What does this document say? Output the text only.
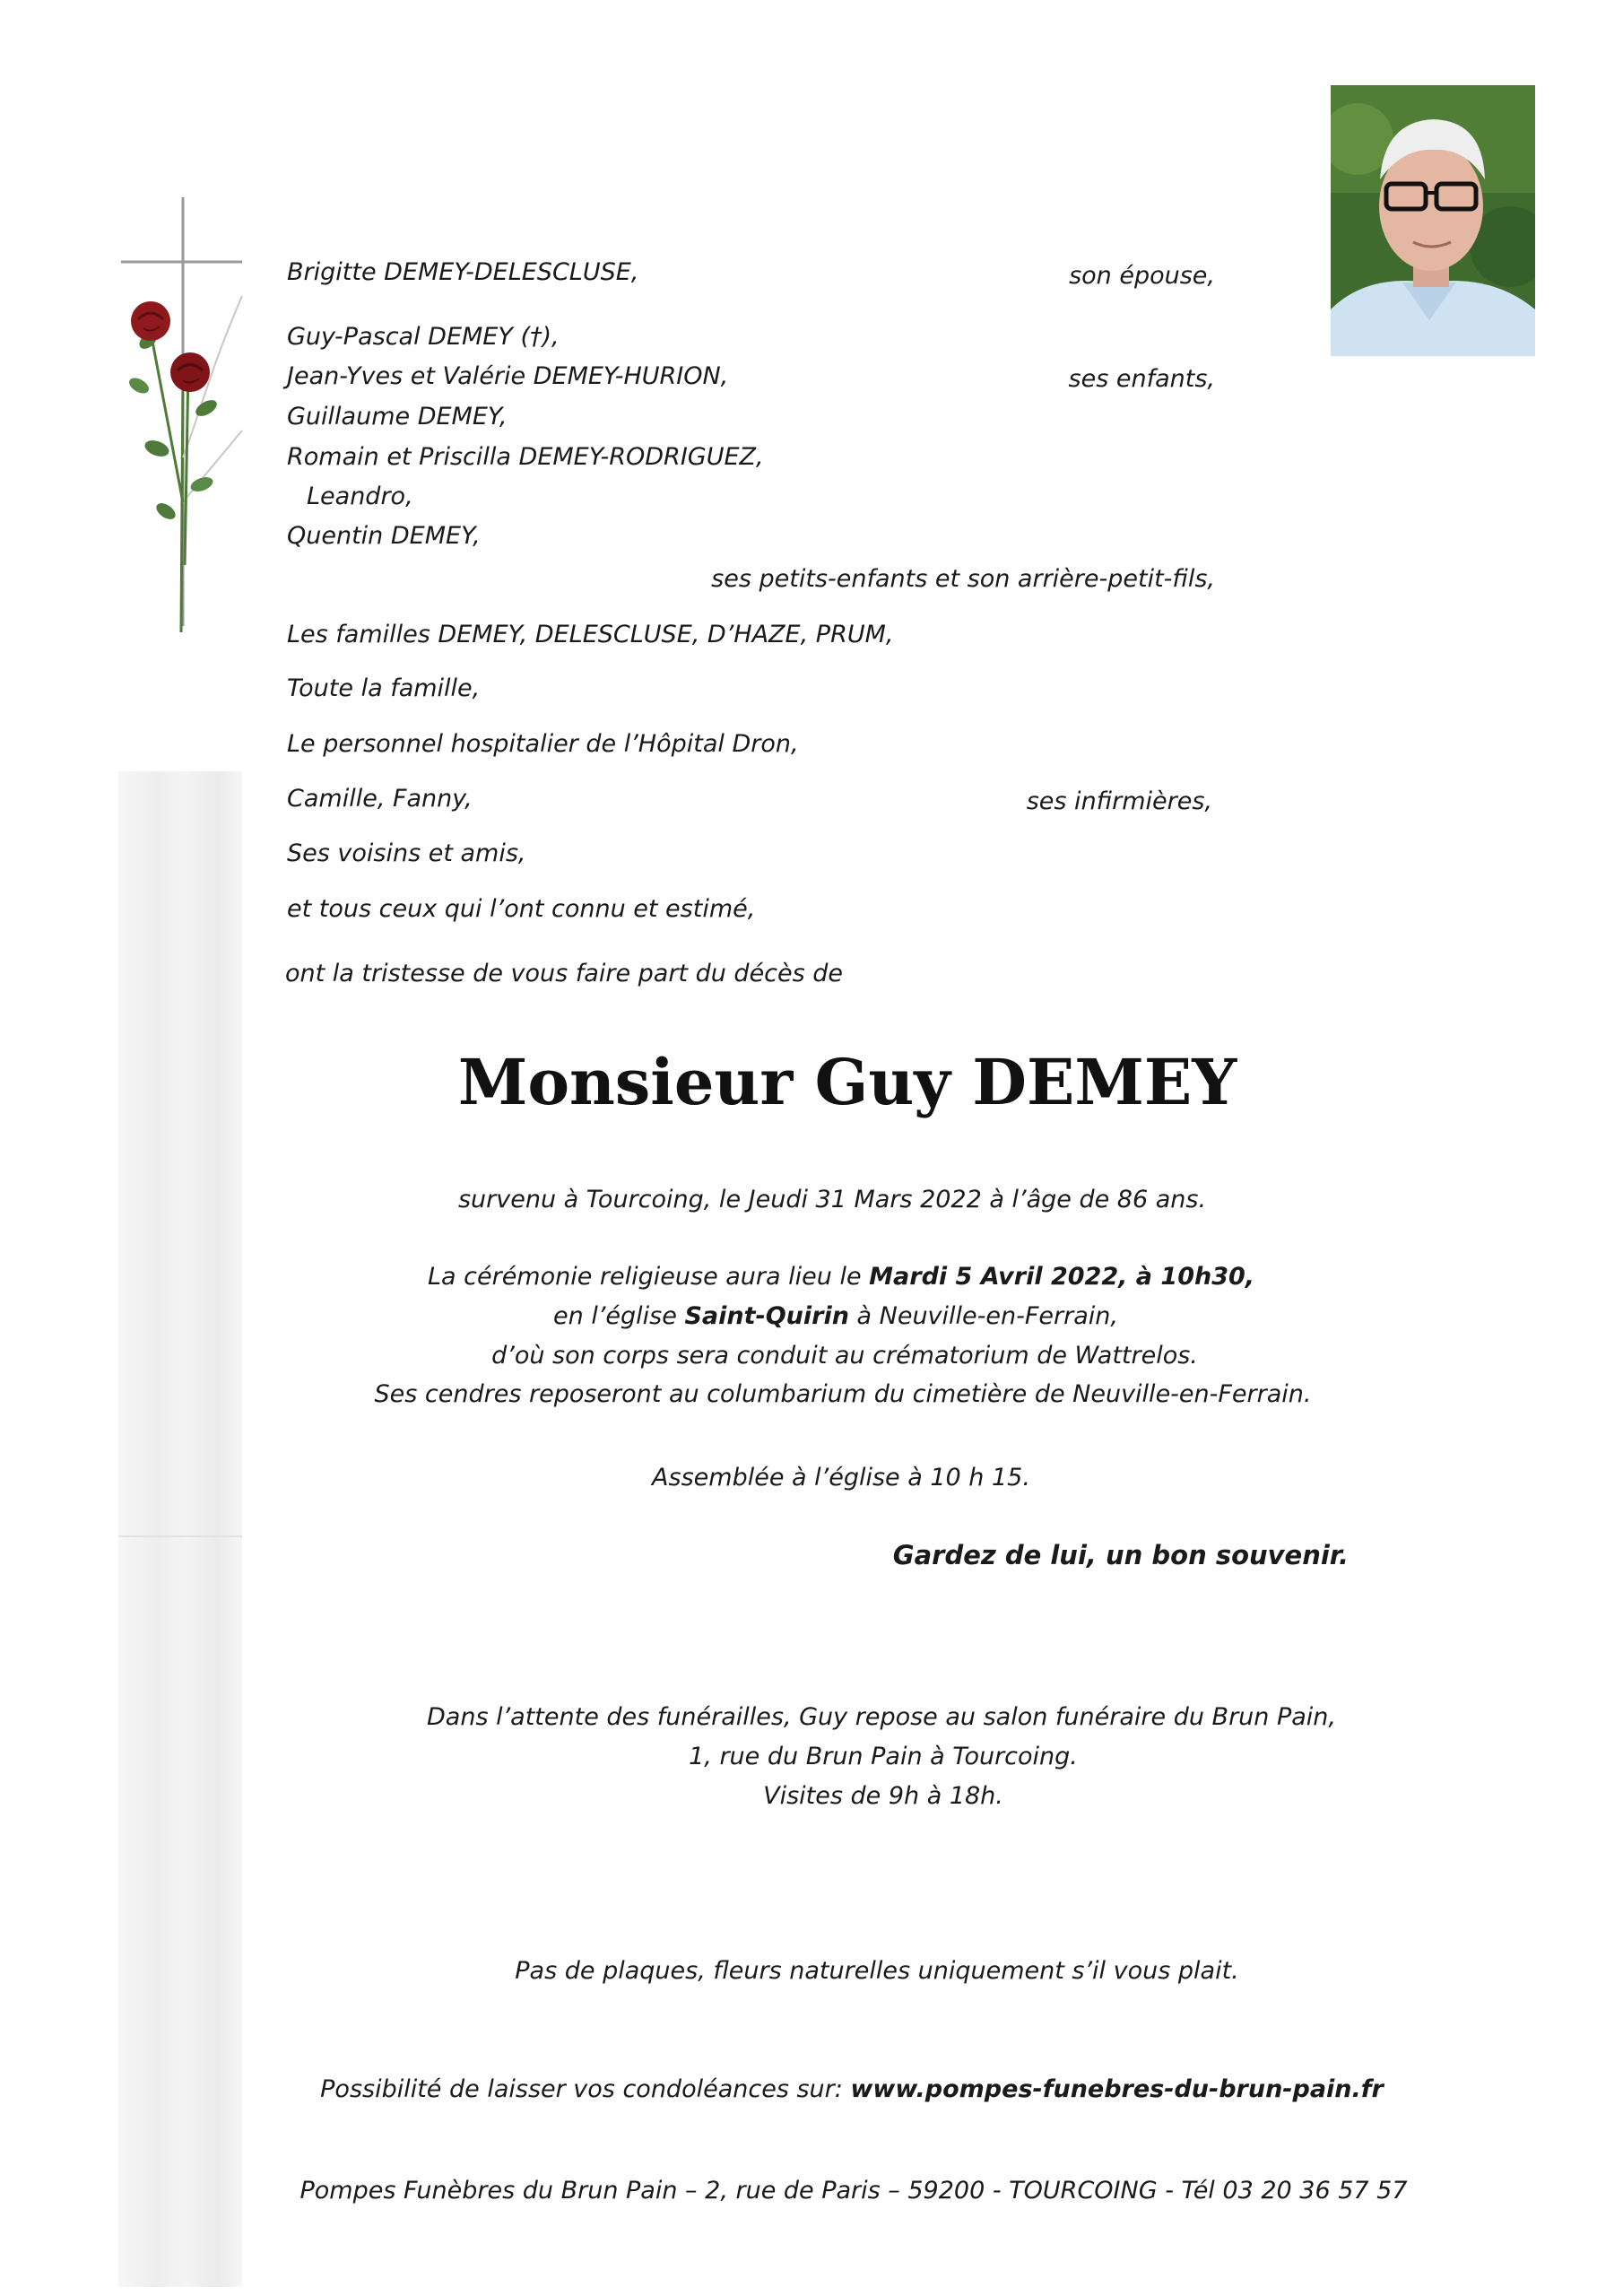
Brigitte DEMEY-DELESCLUSE,	son épouse,

Guy-Pascal DEMEY (†),

Jean-Yves et Valérie DEMEY-HURION,	ses enfants,

Guillaume DEMEY,

Romain et Priscilla DEMEY-RODRIGUEZ,

Leandro,

Quentin DEMEY,

ses petits-enfants et son arrière-petit-fils,

Les familles DEMEY, DELESCLUSE, D’HAZE, PRUM,

Toute la famille,

Le personnel hospitalier de l’Hôpital Dron,

Camille, Fanny,	ses infirmières,

Ses voisins et amis,

et tous ceux qui l’ont connu et estimé,

ont la tristesse de vous faire part du décès de

Monsieur Guy DEMEY

survenu à Tourcoing, le Jeudi 31 Mars 2022 à l’âge de 86 ans.

La cérémonie religieuse aura lieu le Mardi 5 Avril 2022, à 10h30,

en l’église Saint-Quirin à Neuville-en-Ferrain,

d’où son corps sera conduit au crématorium de Wattrelos.

Ses cendres reposeront au columbarium du cimetière de Neuville-en-Ferrain.

Assemblée à l’église à 10 h 15.

Gardez de lui, un bon souvenir.

Dans l’attente des funérailles, Guy repose au salon funéraire du Brun Pain,

1, rue du Brun Pain à Tourcoing.

Visites de 9h à 18h.

Pas de plaques, fleurs naturelles uniquement s’il vous plait.

Possibilité de laisser vos condoléances sur: www.pompes-funebres-du-brun-pain.fr

Pompes Funèbres du Brun Pain – 2, rue de Paris – 59200 - TOURCOING - Tél 03 20 36 57 57
